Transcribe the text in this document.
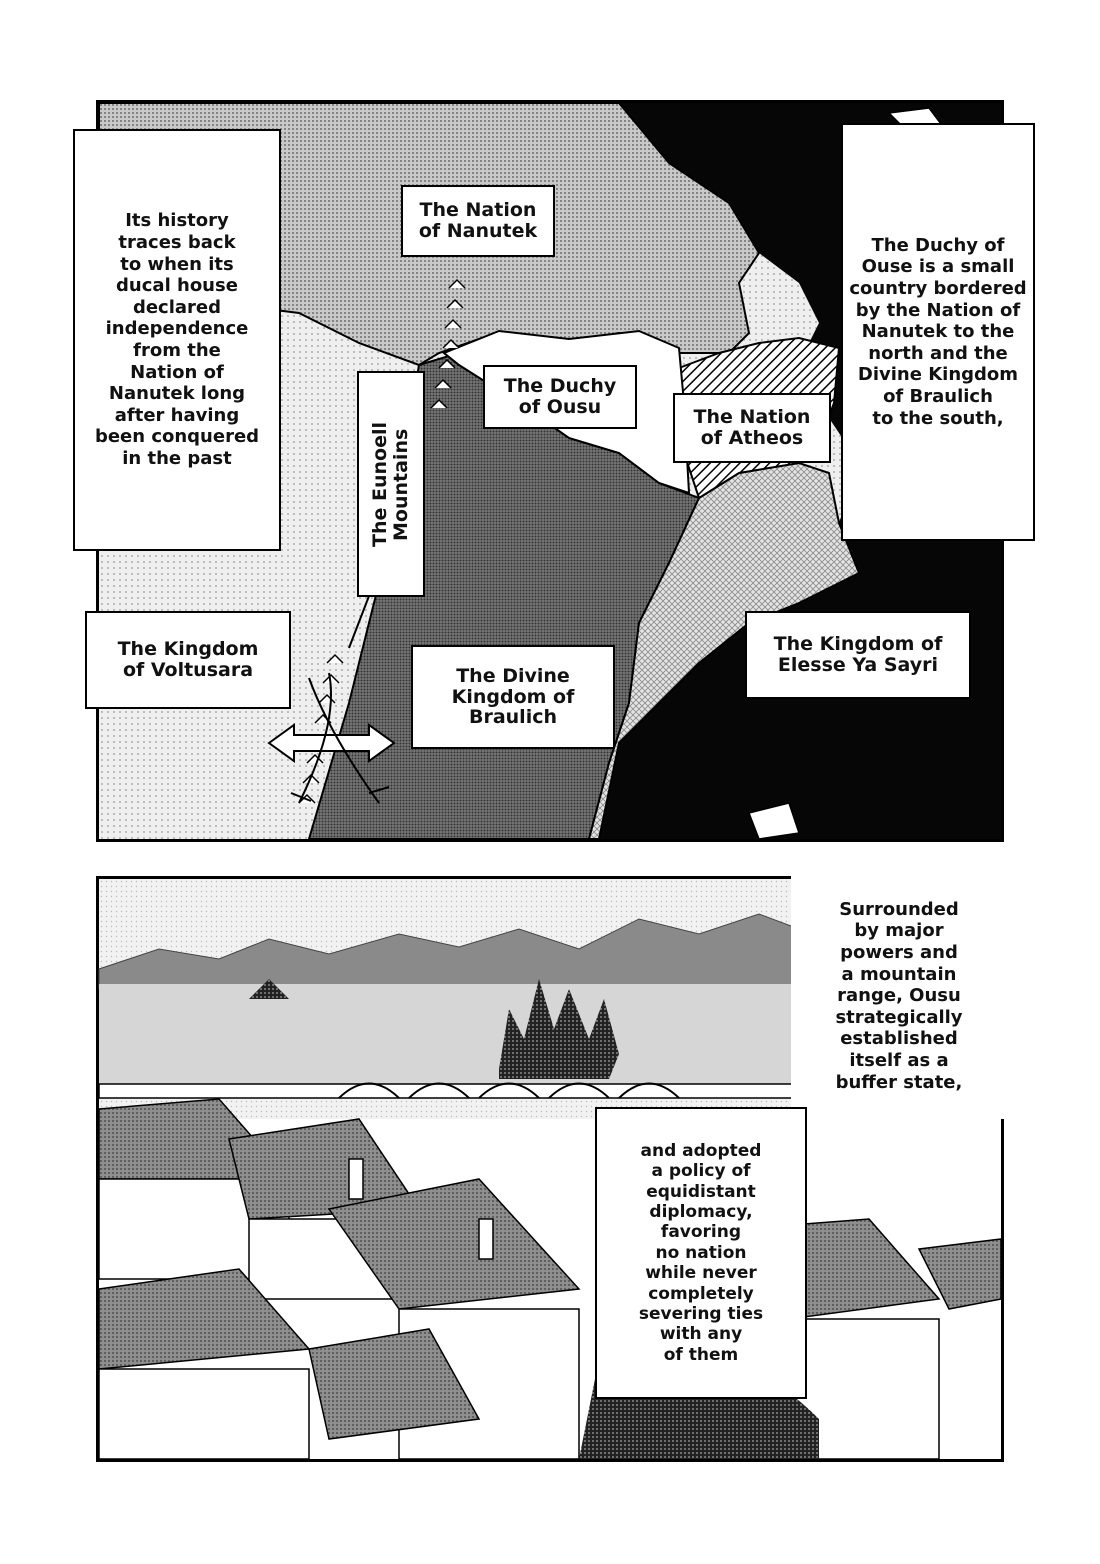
The Nation
of Nanutek
The Duchy
of Ousu	The Nation
of Atheos
The Eunoell
Mountains
The Kingdom
of Voltusara	The Divine
Kingdom of
Braulich
The Kingdom of
Elesse Ya Sayri
Its history
traces back
to when its
ducal house
declared
independence
from the
Nation of
Nanutek long
after having
been conquered
in the past
The Duchy of
Ouse is a small
country bordered
by the Nation of
Nanutek to the
north and the
Divine Kingdom
of Braulich
to the south,
Surrounded
by major
powers and
a mountain
range, Ousu
strategically
established
itself as a
buffer state,
and adopted
a policy of
equidistant
diplomacy,
favoring
no nation
while never
completely
severing ties
with any
of them
